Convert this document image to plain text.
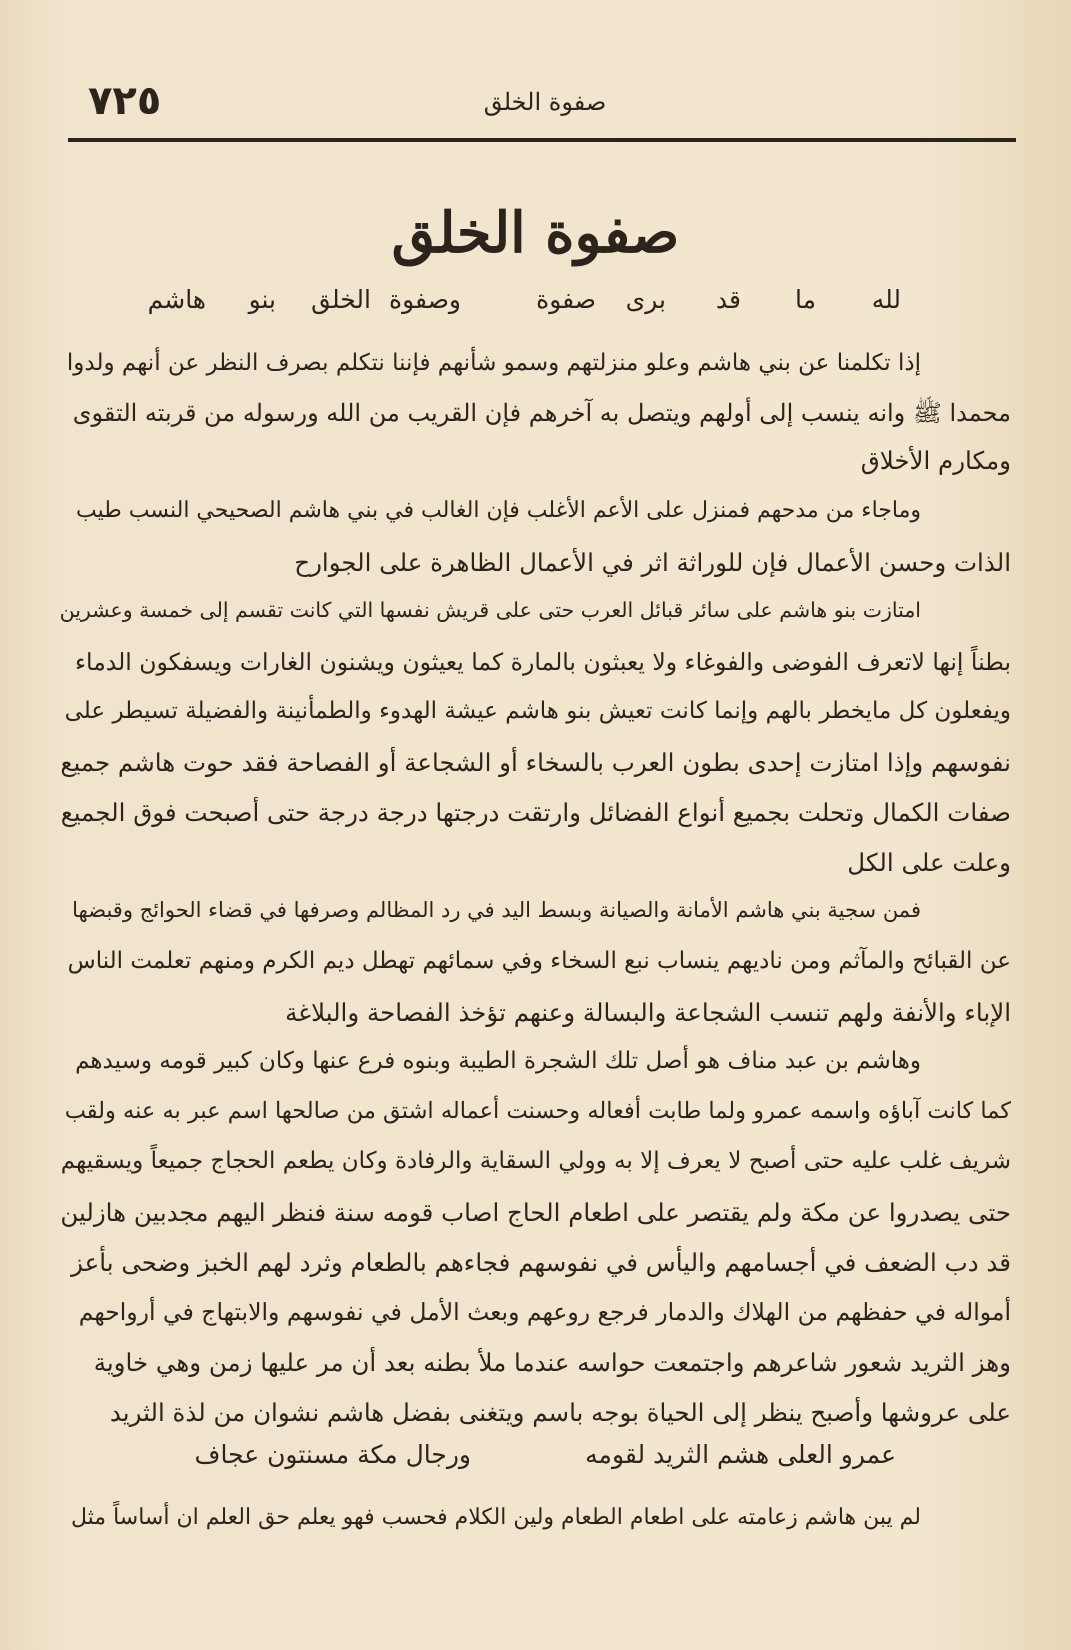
٧٢٥	صفوة الخلق
صفوة الخلق
لله
ما
قد
برى
صفوة
وصفوة
الخلق
بنو
هاشم
إذا تكلمنا عن بني هاشم وعلو منزلتهم وسمو شأنهم فإننا نتكلم بصرف النظر عن أنهم ولدوا
محمدا ﷺ وانه ينسب إلى أولهم ويتصل به آخرهم فإن القريب من الله ورسوله من قربته التقوى
ومكارم الأخلاق
وماجاء من مدحهم فمنزل على الأعم الأغلب فإن الغالب في بني هاشم الصحيحي النسب طيب
الذات وحسن الأعمال فإن للوراثة اثر في الأعمال الظاهرة على الجوارح
امتازت بنو هاشم على سائر قبائل العرب حتى على قريش نفسها التي كانت تقسم إلى خمسة وعشرين
بطناً إنها لاتعرف الفوضى والفوغاء ولا يعبثون بالمارة كما يعيثون ويشنون الغارات ويسفكون الدماء
ويفعلون كل مايخطر بالهم وإنما كانت تعيش بنو هاشم عيشة الهدوء والطمأنينة والفضيلة تسيطر على
نفوسهم وإذا امتازت إحدى بطون العرب بالسخاء أو الشجاعة أو الفصاحة فقد حوت هاشم جميع
صفات الكمال وتحلت بجميع أنواع الفضائل وارتقت درجتها درجة درجة حتى أصبحت فوق الجميع
وعلت على الكل
فمن سجية بني هاشم الأمانة والصيانة وبسط اليد في رد المظالم وصرفها في قضاء الحوائج وقبضها
عن القبائح والمآثم ومن ناديهم ينساب نبع السخاء وفي سمائهم تهطل ديم الكرم ومنهم تعلمت الناس
الإباء والأنفة ولهم تنسب الشجاعة والبسالة وعنهم تؤخذ الفصاحة والبلاغة
وهاشم بن عبد مناف هو أصل تلك الشجرة الطيبة وبنوه فرع عنها وكان كبير قومه وسيدهم
كما كانت آباؤه واسمه عمرو ولما طابت أفعاله وحسنت أعماله اشتق من صالحها اسم عبر به عنه ولقب
شريف غلب عليه حتى أصبح لا يعرف إلا به وولي السقاية والرفادة وكان يطعم الحجاج جميعاً ويسقيهم
حتى يصدروا عن مكة ولم يقتصر على اطعام الحاج اصاب قومه سنة فنظر اليهم مجدبين هازلين
قد دب الضعف في أجسامهم واليأس في نفوسهم فجاءهم بالطعام وثرد لهم الخبز وضحى بأعز
أمواله في حفظهم من الهلاك والدمار فرجع روعهم وبعث الأمل في نفوسهم والابتهاج في أرواحهم
وهز الثريد شعور شاعرهم واجتمعت حواسه عندما ملأ بطنه بعد أن مر عليها زمن وهي خاوية
على عروشها وأصبح ينظر إلى الحياة بوجه باسم ويتغنى بفضل هاشم نشوان من لذة الثريد
عمرو العلى هشم الثريد لقومه
ورجال مكة مسنتون عجاف
لم يبن هاشم زعامته على اطعام الطعام ولين الكلام فحسب فهو يعلم حق العلم ان أساساً مثل
